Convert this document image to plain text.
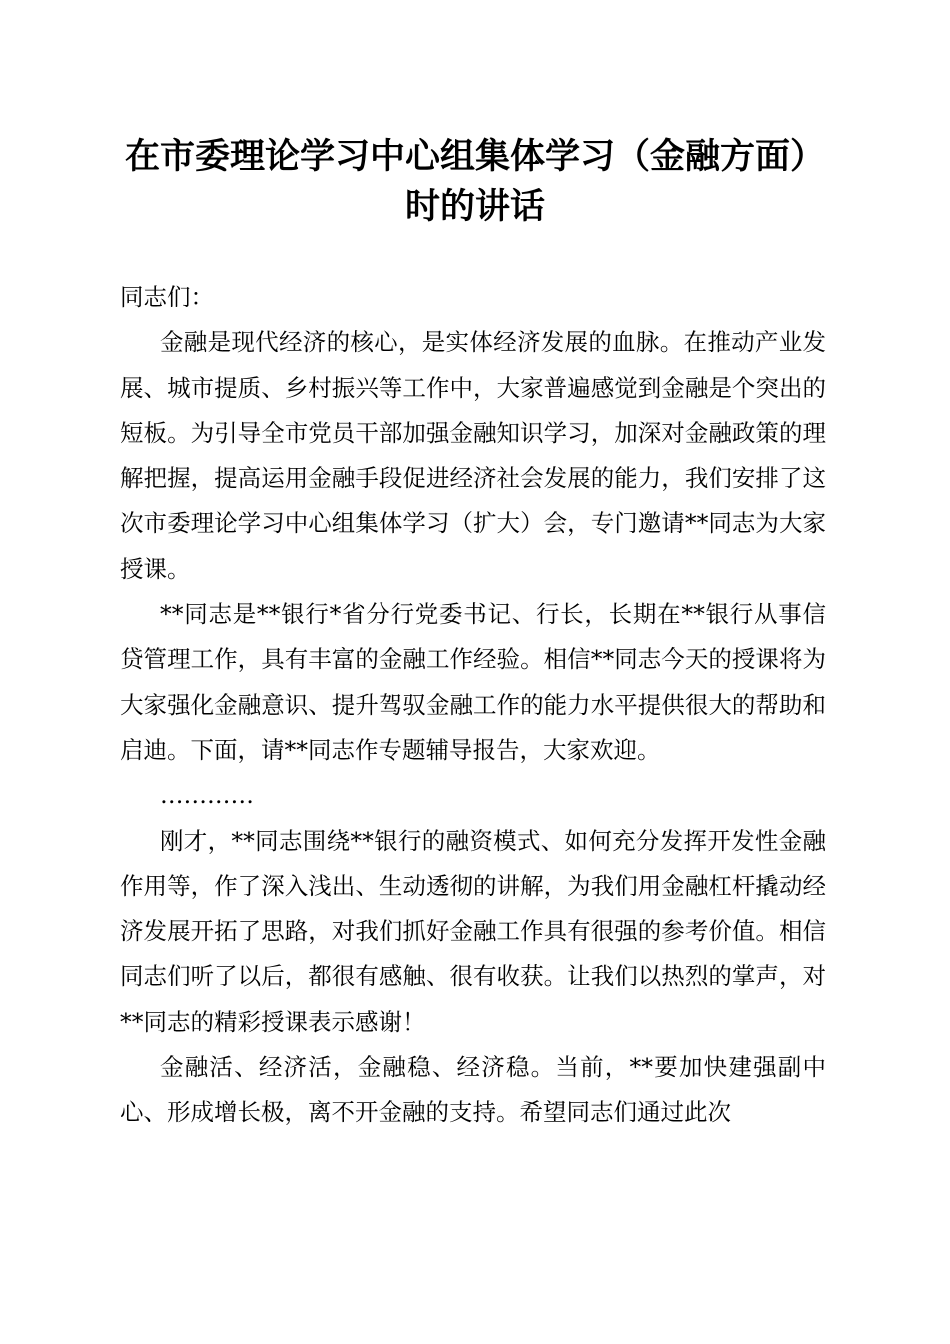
在市委理论学习中心组集体学习（金融方面）
时的讲话

同志们：

金融是现代经济的核心，是实体经济发展的血脉。在推动产业发展、城市提质、乡村振兴等工作中，大家普遍感觉到金融是个突出的短板。为引导全市党员干部加强金融知识学习，加深对金融政策的理解把握，提高运用金融手段促进经济社会发展的能力，我们安排了这次市委理论学习中心组集体学习（扩大）会，专门邀请**同志为大家授课。

**同志是**银行*省分行党委书记、行长，长期在**银行从事信贷管理工作，具有丰富的金融工作经验。相信**同志今天的授课将为大家强化金融意识、提升驾驭金融工作的能力水平提供很大的帮助和启迪。下面，请**同志作专题辅导报告，大家欢迎。

…………

刚才，**同志围绕**银行的融资模式、如何充分发挥开发性金融作用等，作了深入浅出、生动透彻的讲解，为我们用金融杠杆撬动经济发展开拓了思路，对我们抓好金融工作具有很强的参考价值。相信同志们听了以后，都很有感触、很有收获。让我们以热烈的掌声，对**同志的精彩授课表示感谢！

金融活、经济活，金融稳、经济稳。当前，**要加快建强副中心、形成增长极，离不开金融的支持。希望同志们通过此次
